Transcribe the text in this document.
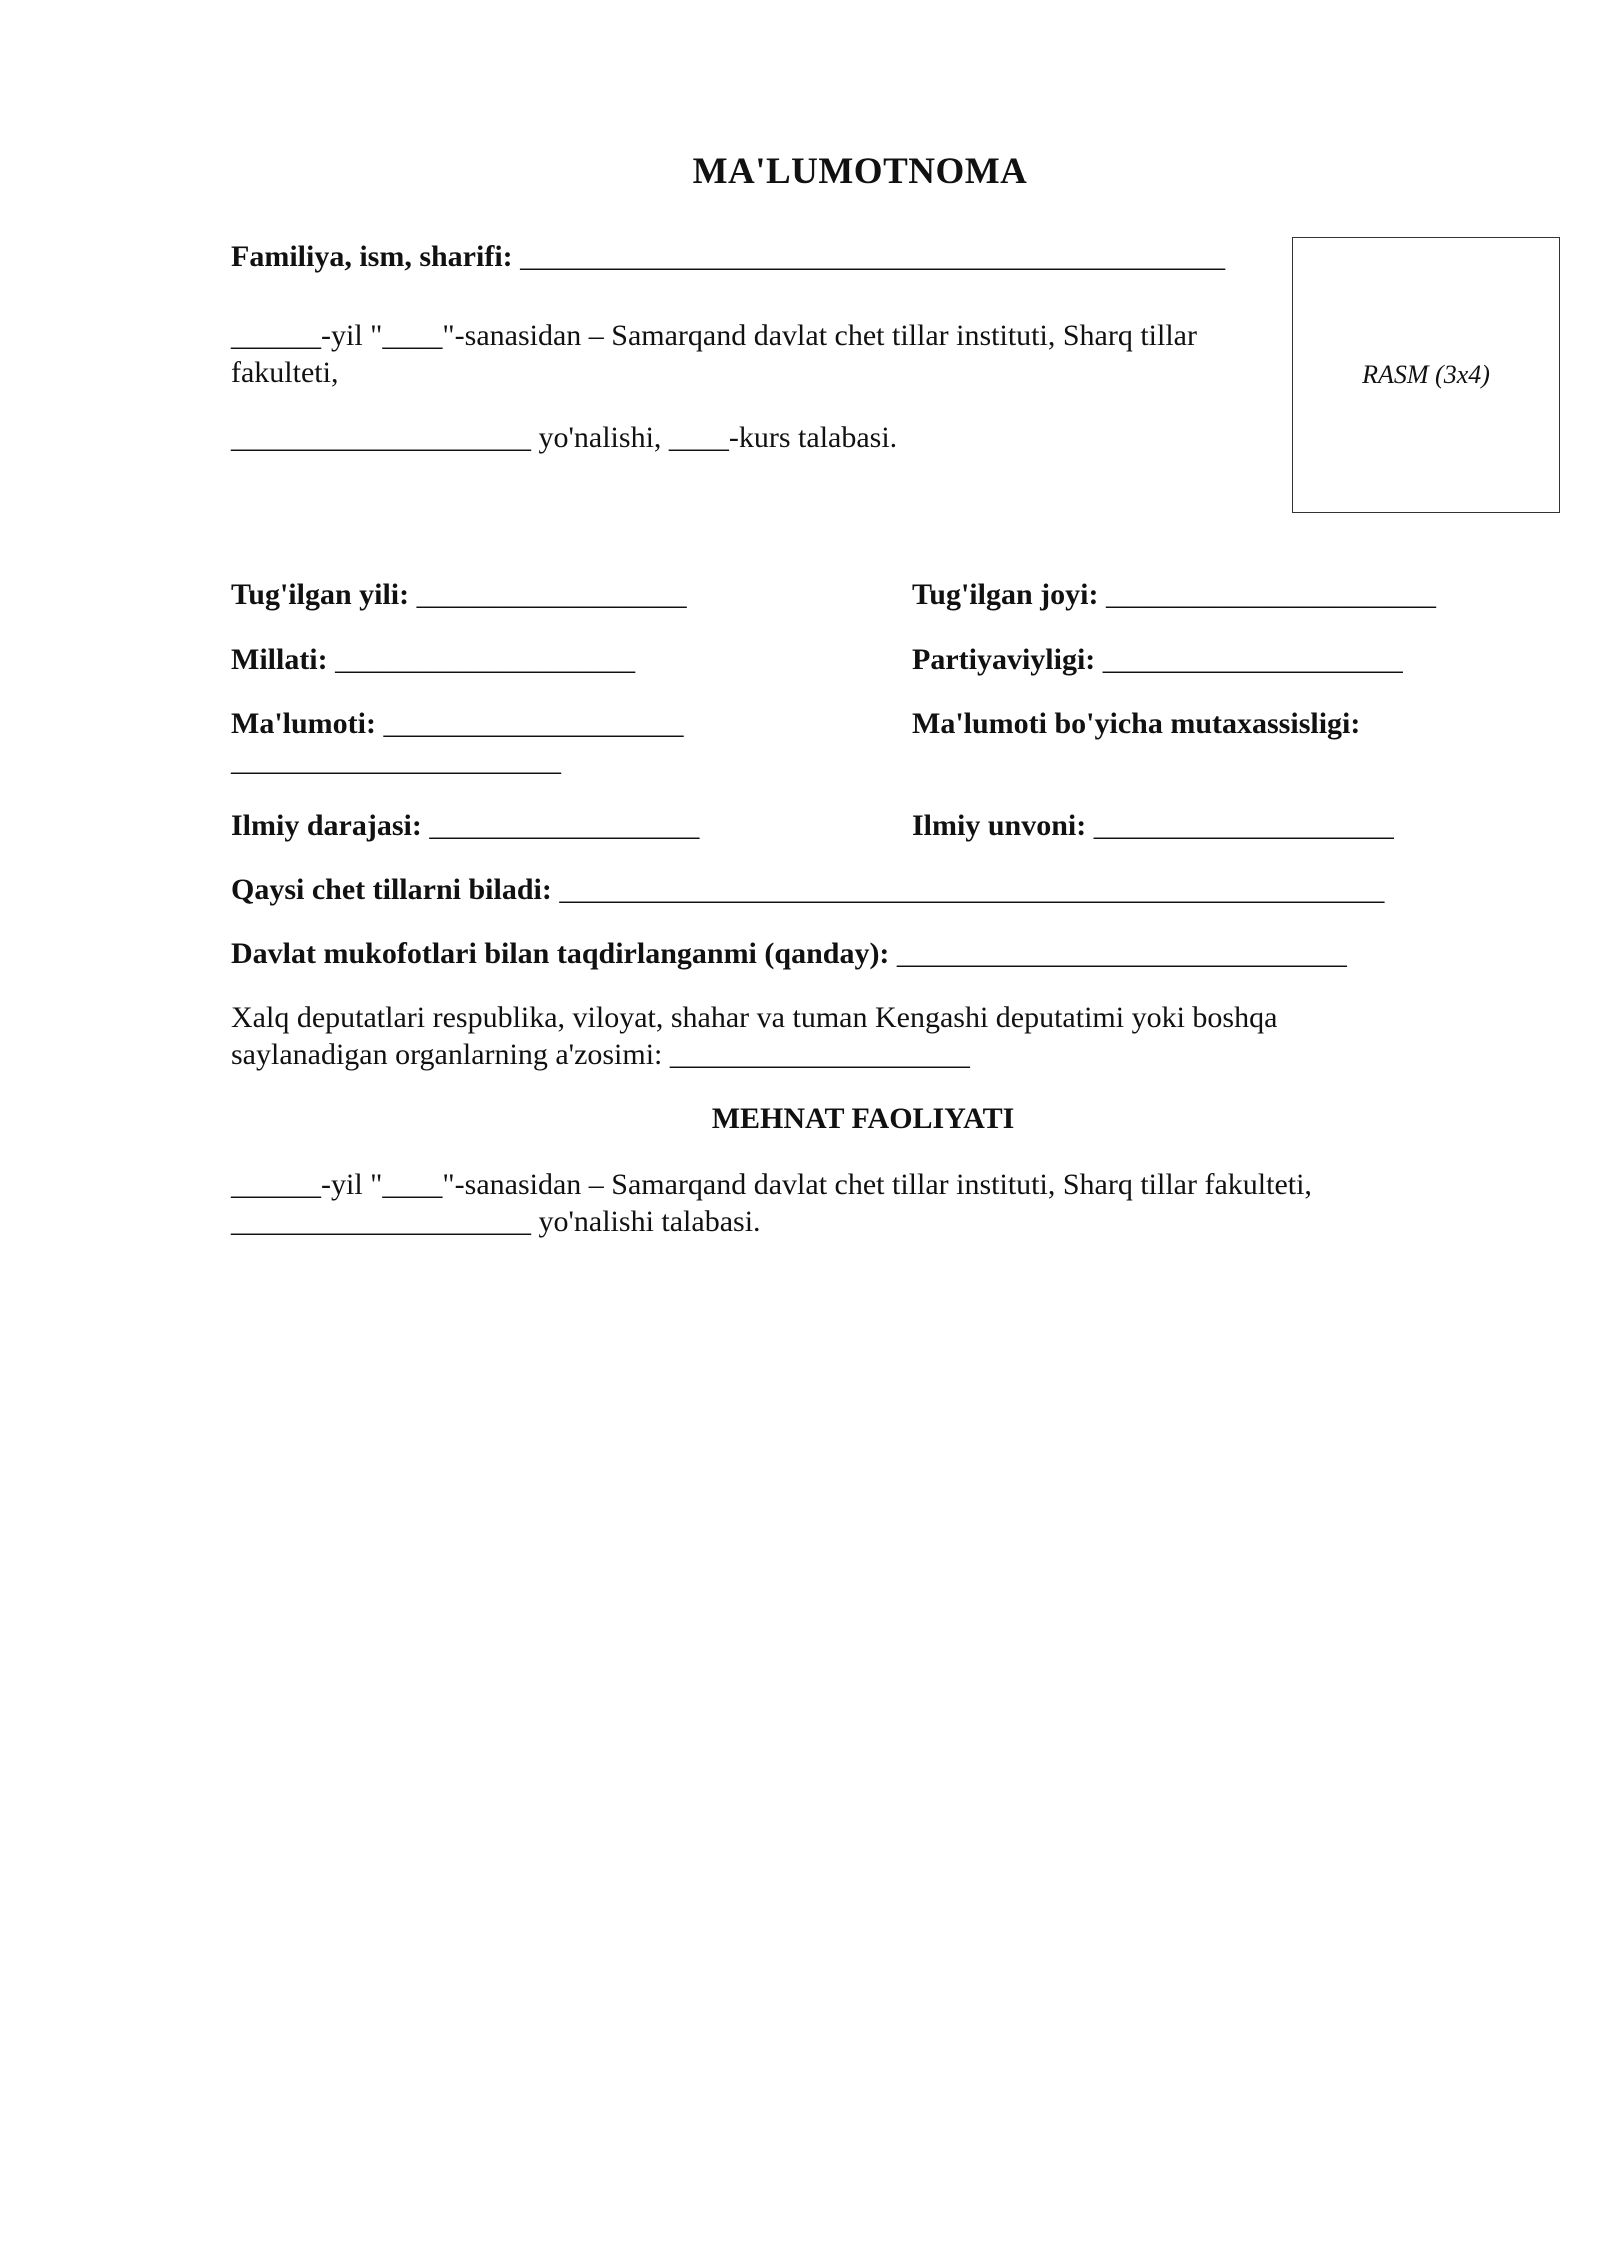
MA'LUMOTNOMA
Familiya, ism, sharifi: _______________________________________________
______-yil "____"-sanasidan – Samarqand davlat chet tillar instituti, Sharq tillar
fakulteti,
____________________ yo'nalishi, ____-kurs talabasi.
RASM (3x4)
Tug'ilgan yili: __________________	Tug'ilgan joyi: ______________________
Millati: ____________________	Partiyaviyligi: ____________________
Ma'lumoti: ____________________	Ma'lumoti bo'yicha mutaxassisligi:
______________________
Ilmiy darajasi: __________________	Ilmiy unvoni: ____________________
Qaysi chet tillarni biladi: _______________________________________________________
Davlat mukofotlari bilan taqdirlanganmi (qanday): ______________________________
Xalq deputatlari respublika, viloyat, shahar va tuman Kengashi deputatimi yoki boshqa
saylanadigan organlarning a'zosimi: ____________________
MEHNAT FAOLIYATI
______-yil "____"-sanasidan – Samarqand davlat chet tillar instituti, Sharq tillar fakulteti,
____________________ yo'nalishi talabasi.
